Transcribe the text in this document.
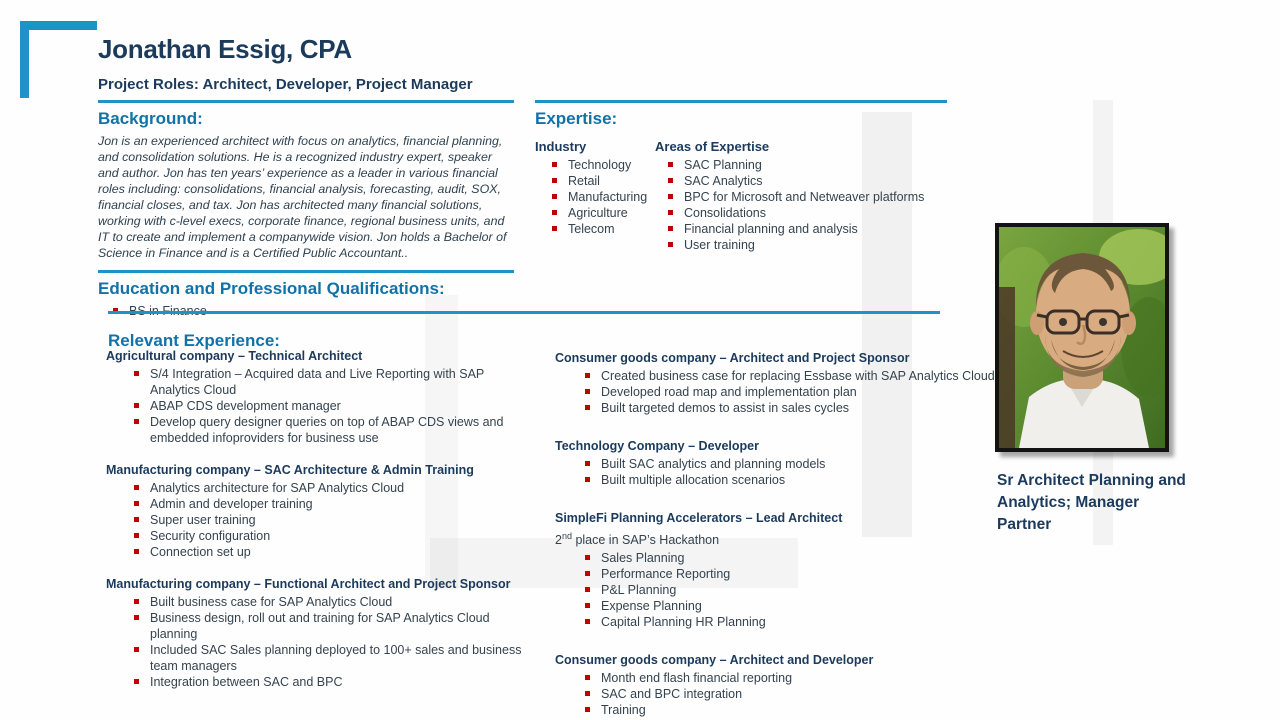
Jonathan Essig, CPA
Project Roles: Architect, Developer, Project Manager
Background:

Jon is an experienced architect with focus on analytics, financial planning, and consolidation solutions. He is a recognized industry expert, speaker and author. Jon has ten years’ experience as a leader in various financial roles including: consolidations, financial analysis, forecasting, audit, SOX, financial closes, and tax. Jon has architected many financial solutions, working with c-level execs, corporate finance, regional business units, and IT to create and implement a companywide vision. Jon holds a Bachelor of Science in Finance and is a Certified Public Accountant..

Education and Professional Qualifications:
Expertise:
Industry
Technology
Retail
Manufacturing
Agriculture
Telecom
Areas of Expertise
SAC Planning
SAC Analytics
BPC for Microsoft and Netweaver platforms
Consolidations
Financial planning and analysis
User training
Relevant Experience:
Agricultural company – Technical Architect
S/4 Integration – Acquired data and Live Reporting with SAP Analytics Cloud
ABAP CDS development manager
Develop query designer queries on top of ABAP CDS views and embedded infoproviders for business use
Manufacturing company – SAC Architecture & Admin Training
Analytics architecture for SAP Analytics Cloud
Admin and developer training
Super user training
Security configuration
Connection set up
Manufacturing company – Functional Architect and Project Sponsor
Built business case for SAP Analytics Cloud
Business design, roll out and training for SAP Analytics Cloud planning
Included SAC Sales planning deployed to 100+ sales and business team managers
Integration between SAC and BPC
Consumer goods company – Architect and Project Sponsor
Created business case for replacing Essbase with SAP Analytics Cloud
Developed road map and implementation plan
Built targeted demos to assist in sales cycles
Technology Company – Developer
Built SAC analytics and planning models
Built multiple allocation scenarios
SimpleFi Planning Accelerators – Lead Architect
2nd place in SAP’s Hackathon
Sales Planning
Performance Reporting
P&L Planning
Expense Planning
Capital Planning HR Planning
Consumer goods company – Architect and Developer
Month end flash financial reporting
SAC and BPC integration
Training
Sr Architect Planning and Analytics; Manager Partner
